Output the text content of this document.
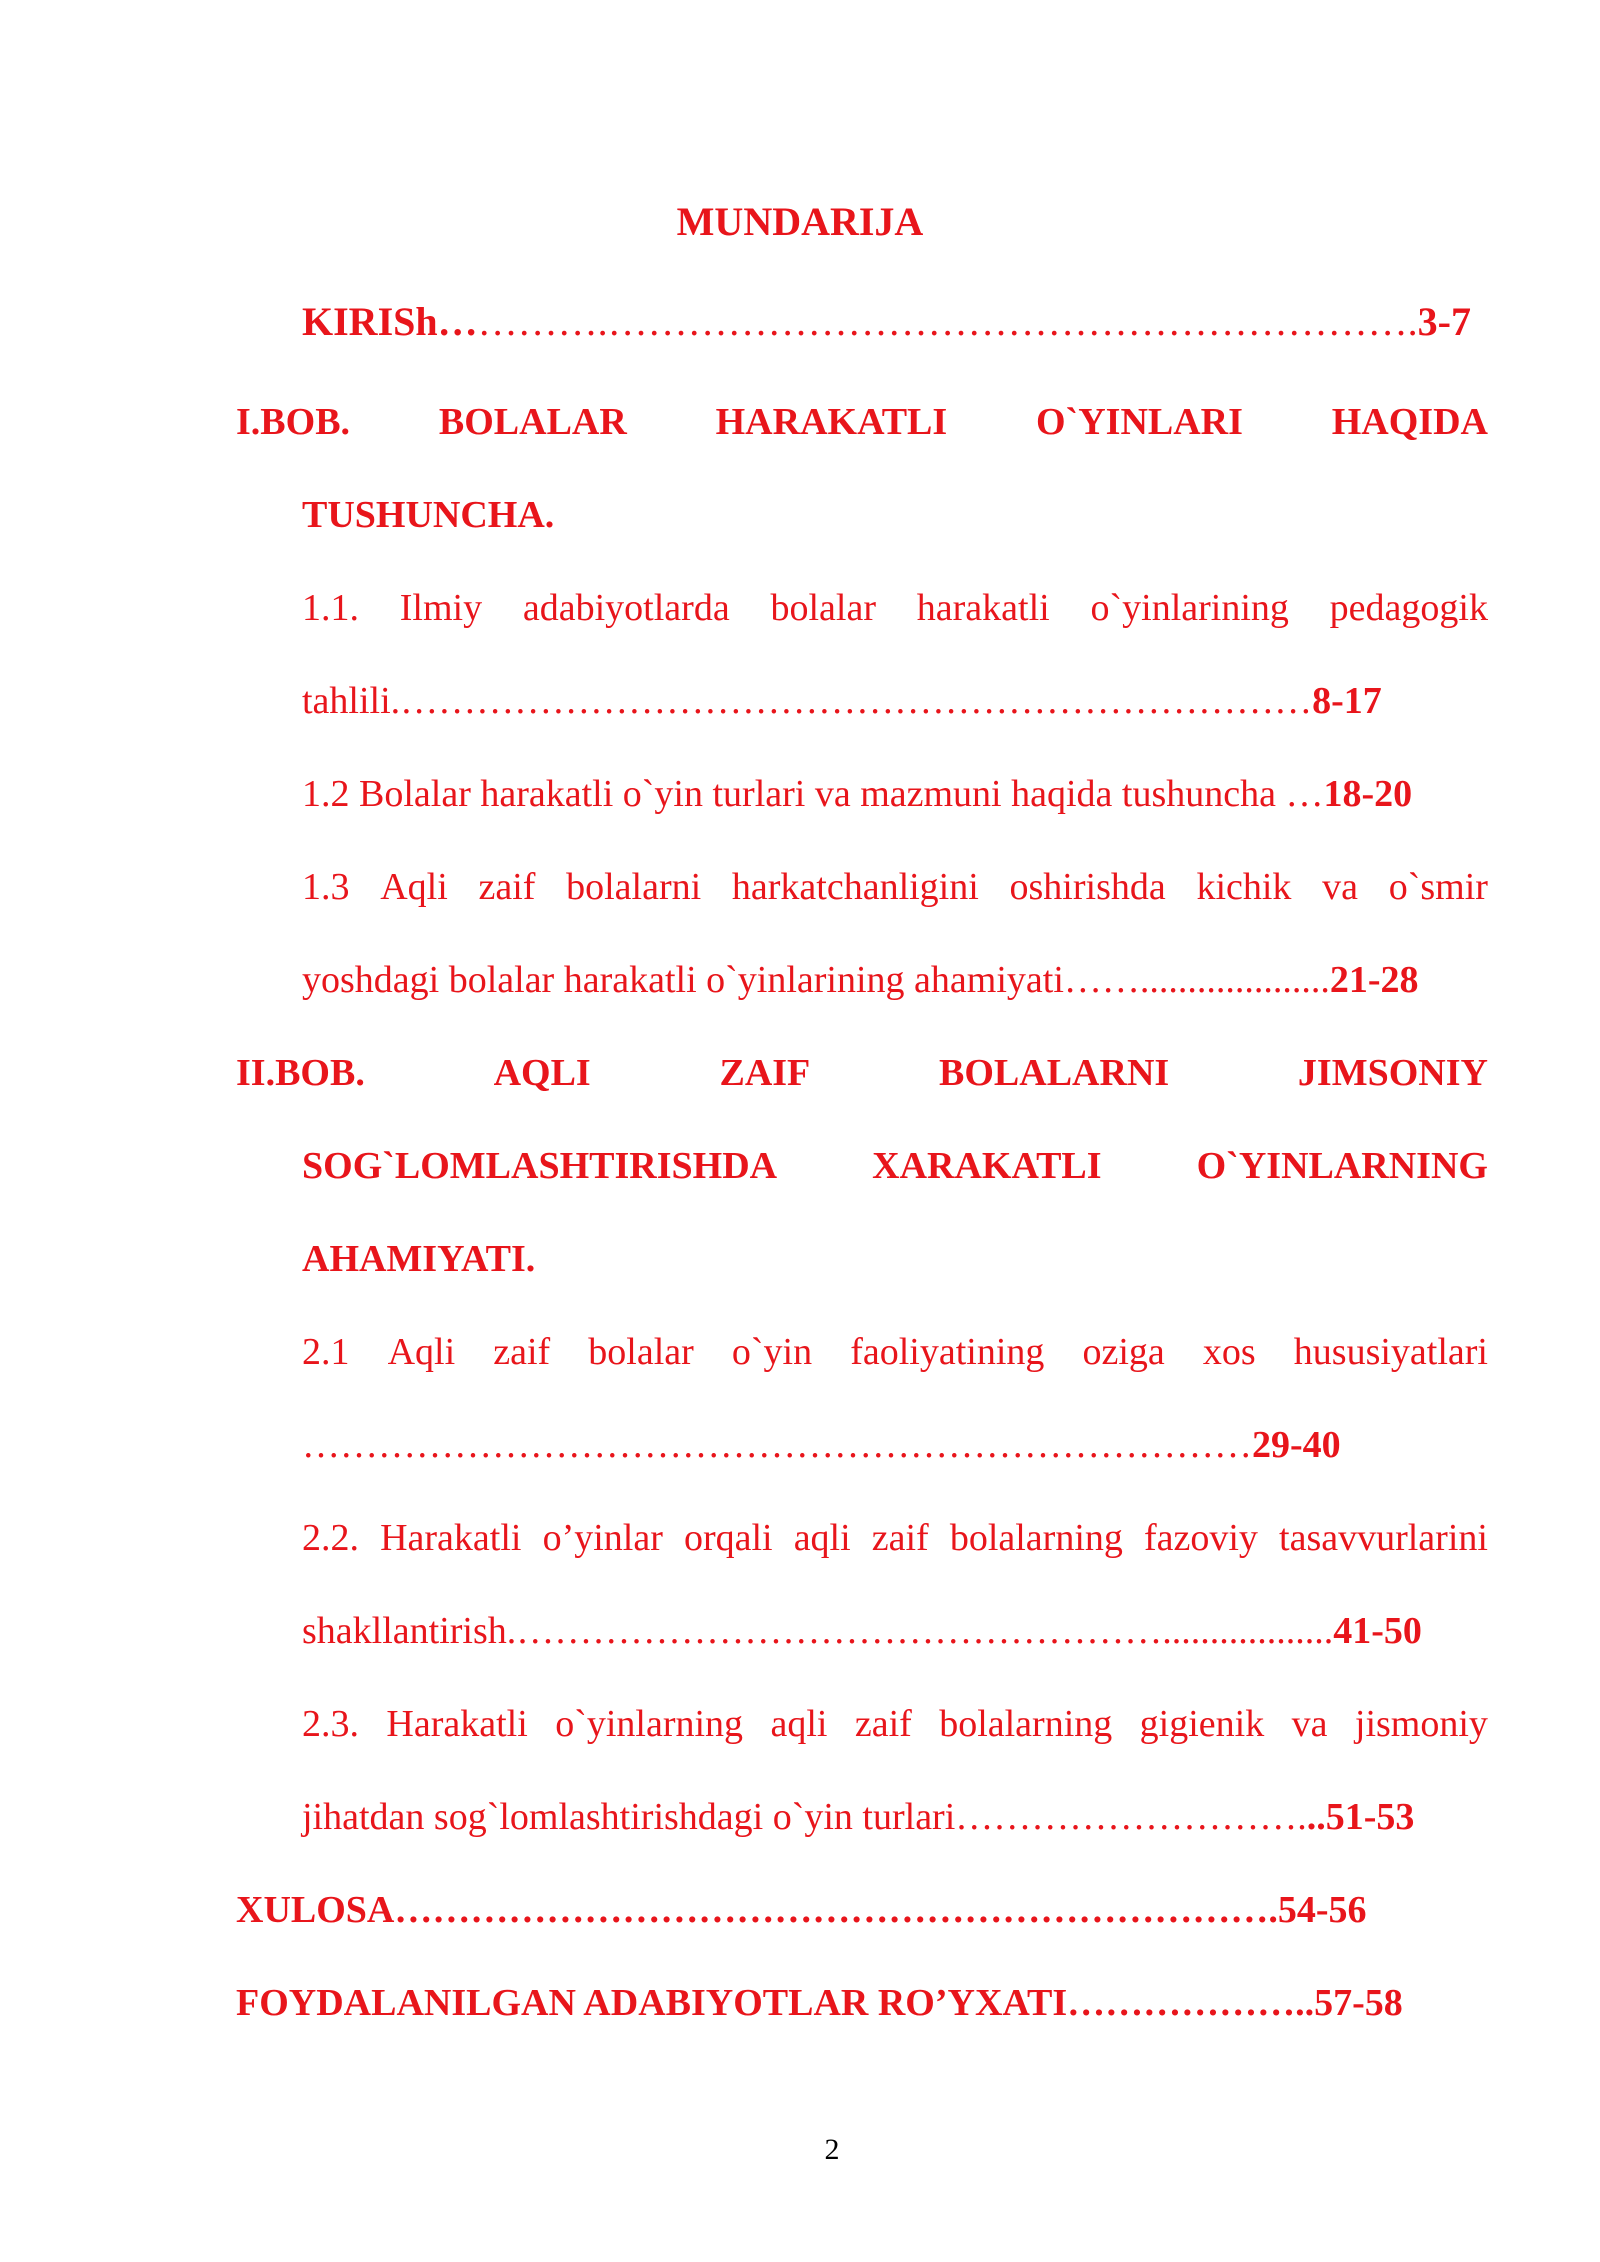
MUNDARIJA
KIRISh………….…………………………………………………….3-7
I.BOB. BOLALAR HARAKATLI O`YINLARI HAQIDA
TUSHUNCHA.
1.1. Ilmiy adabiyotlarda bolalar harakatli o`yinlarining pedagogik
tahlili.………………………………………………………………8-17
1.2 Bolalar harakatli o`yin turlari va mazmuni haqida tushuncha …18-20
1.3 Aqli zaif bolalarni harkatchanligini oshirishda kichik va o`smir
yoshdagi bolalar harakatli o`yinlarining ahamiyati……....................21-28
II.BOB.	AQLI	ZAIF	BOLALARNI	JIMSONIY
SOG`LOMLASHTIRISHDA	XARAKATLI	O`YINLARNING
AHAMIYATI.
2.1 Aqli zaif bolalar o`yin faoliyatining oziga xos hususiyatlari
…………………………………………………………………29-40
2.2. Harakatli o’yinlar orqali aqli zaif bolalarning fazoviy tasavvurlarini
shakllantirish.……………………………………………..................41-50
2.3. Harakatli o`yinlarning aqli zaif bolalarning gigienik va jismoniy
jihatdan sog`lomlashtirishdagi o`yin turlari………………………...51-53
XULOSA…………………………………………………………….54-56
FOYDALANILGAN ADABIYOTLAR RO’YXATI………………..57-58
2
